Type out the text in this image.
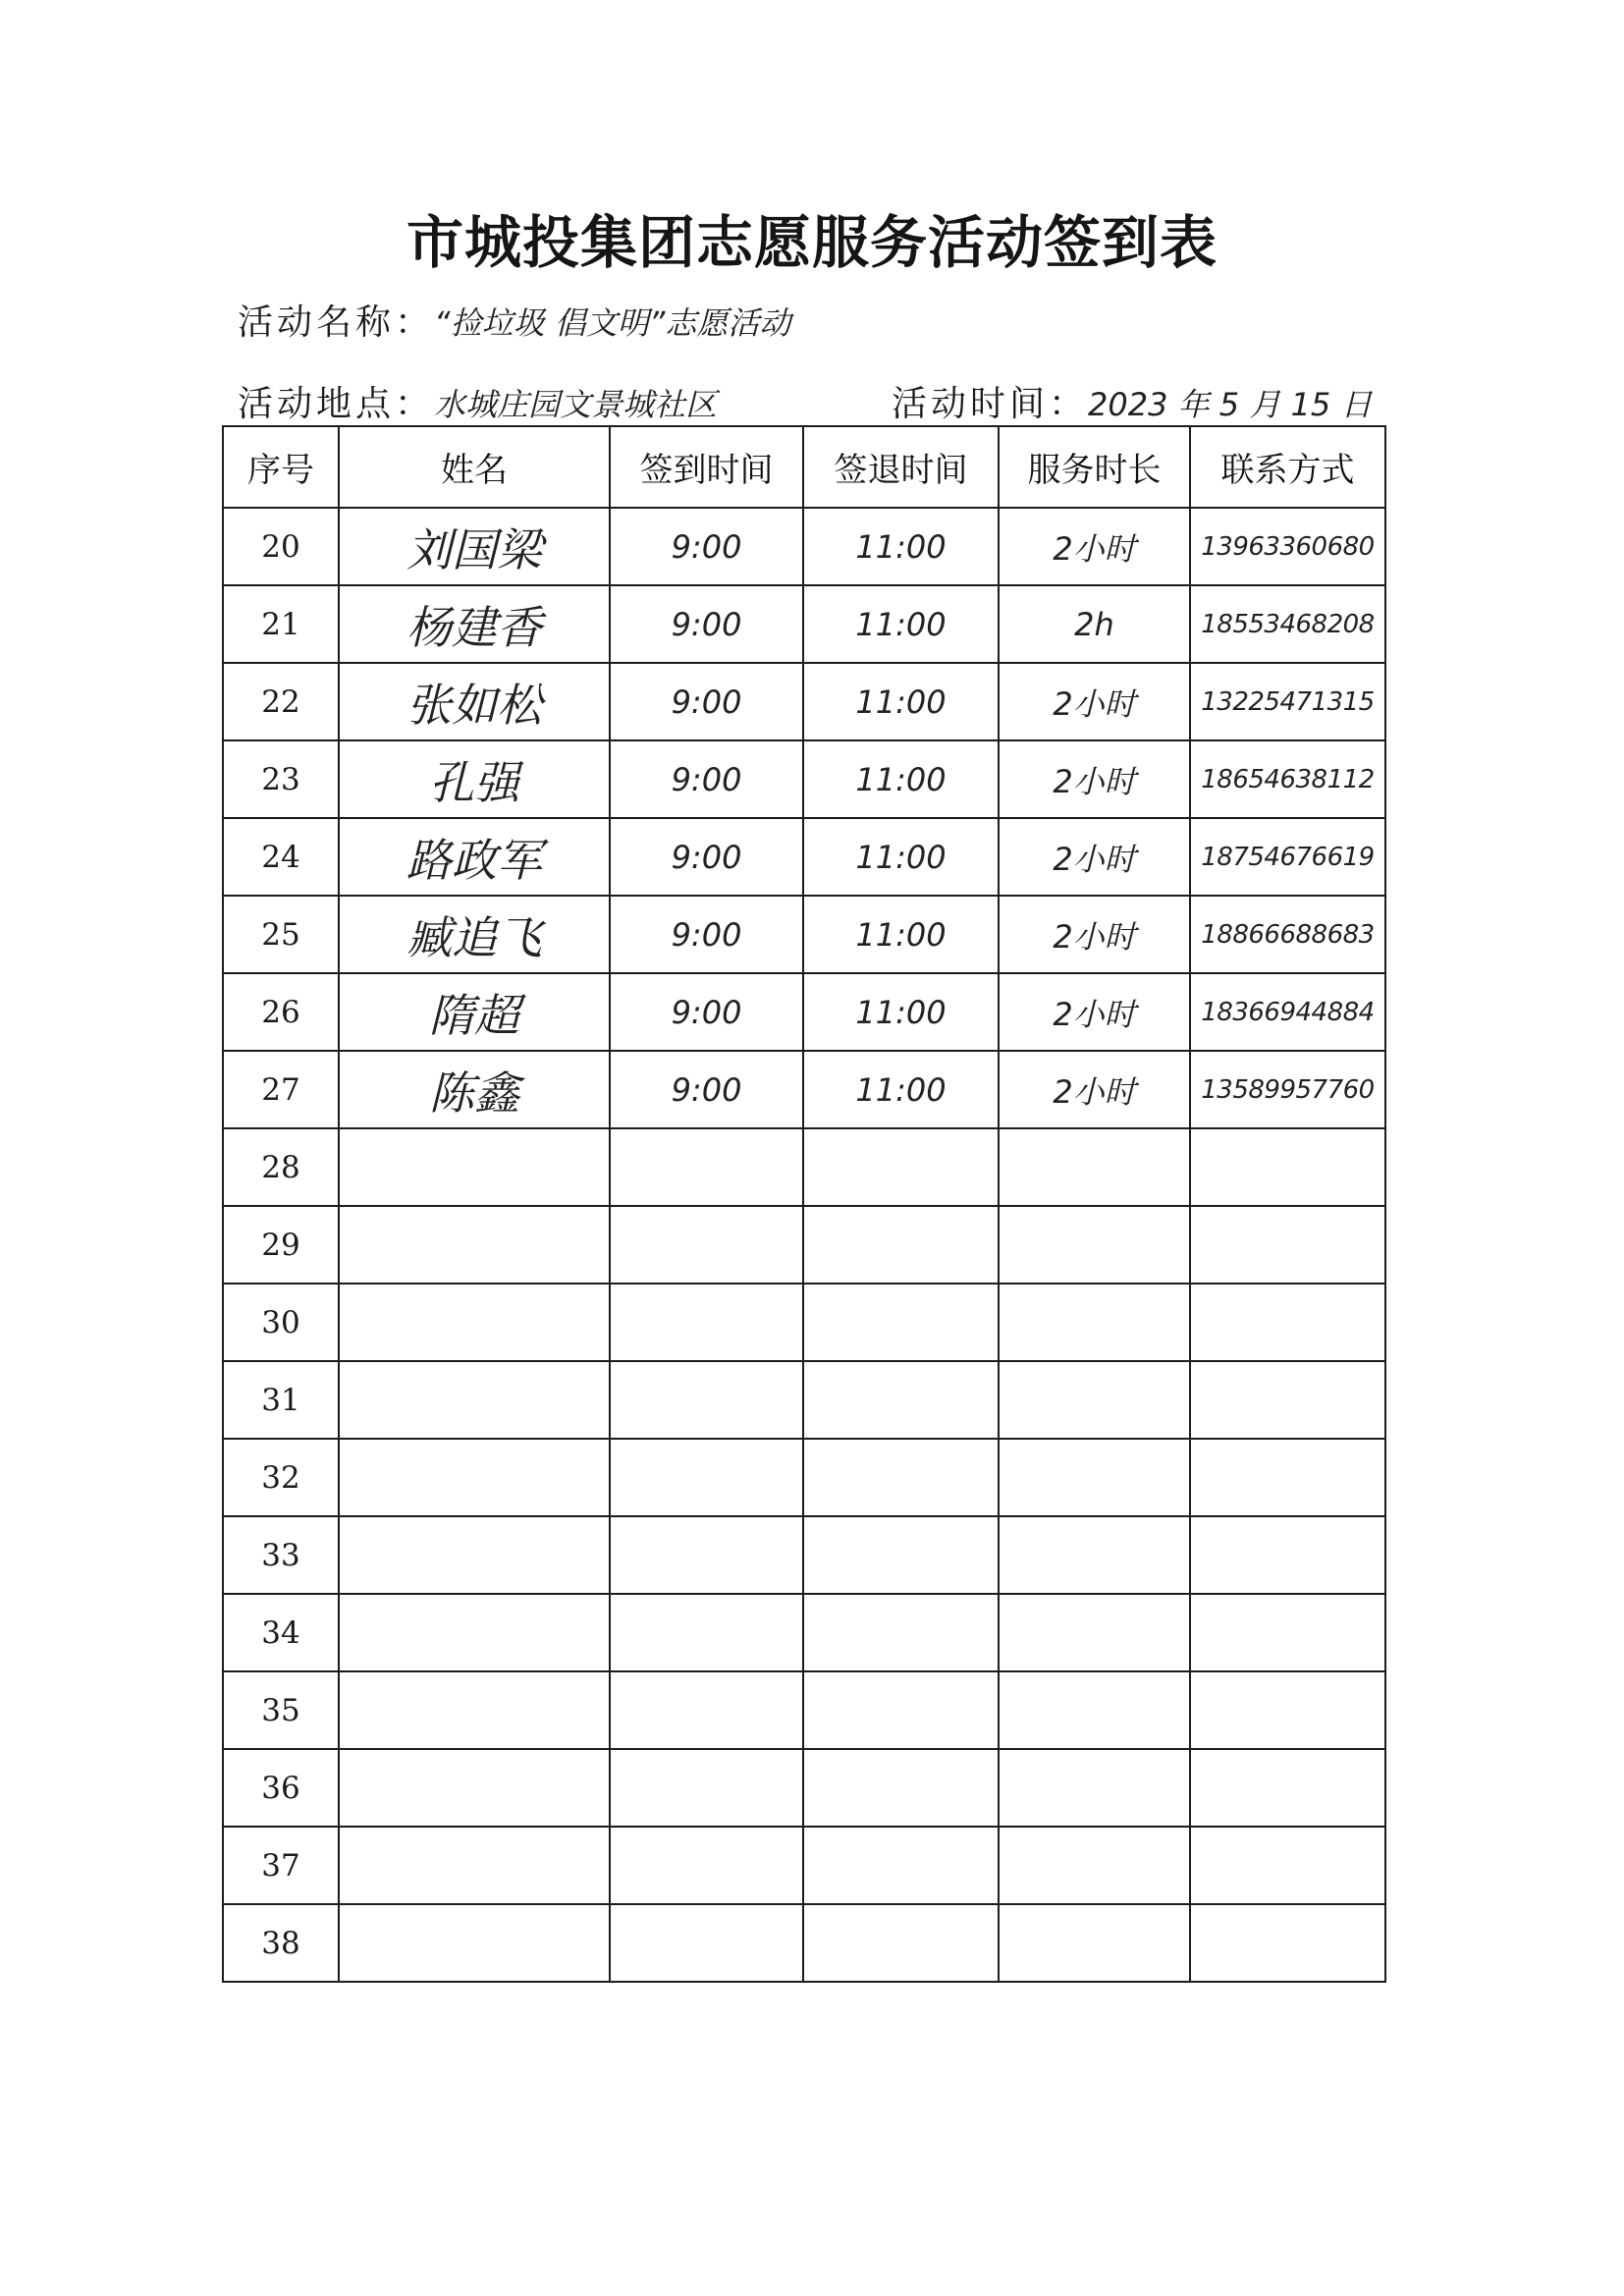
市城投集团志愿服务活动签到表
活动名称：“捡垃圾 倡文明”志愿活动
活动地点：水城庄园文景城社区	活动时间：2023 年 5 月 15 日
序号	姓名	签到时间	签退时间	服务时长	联系方式
20	刘国梁	9:00	11:00	2小时	13963360680
21	杨建香	9:00	11:00	2h	18553468208
22	张如松	9:00	11:00	2小时	13225471315
23	孔强	9:00	11:00	2小时	18654638112
24	路政军	9:00	11:00	2小时	18754676619
25	臧追飞	9:00	11:00	2小时	18866688683
26	隋超	9:00	11:00	2小时	18366944884
27	陈鑫	9:00	11:00	2小时	13589957760
28					
29					
30					
31					
32					
33					
34					
35					
36					
37					
38					
